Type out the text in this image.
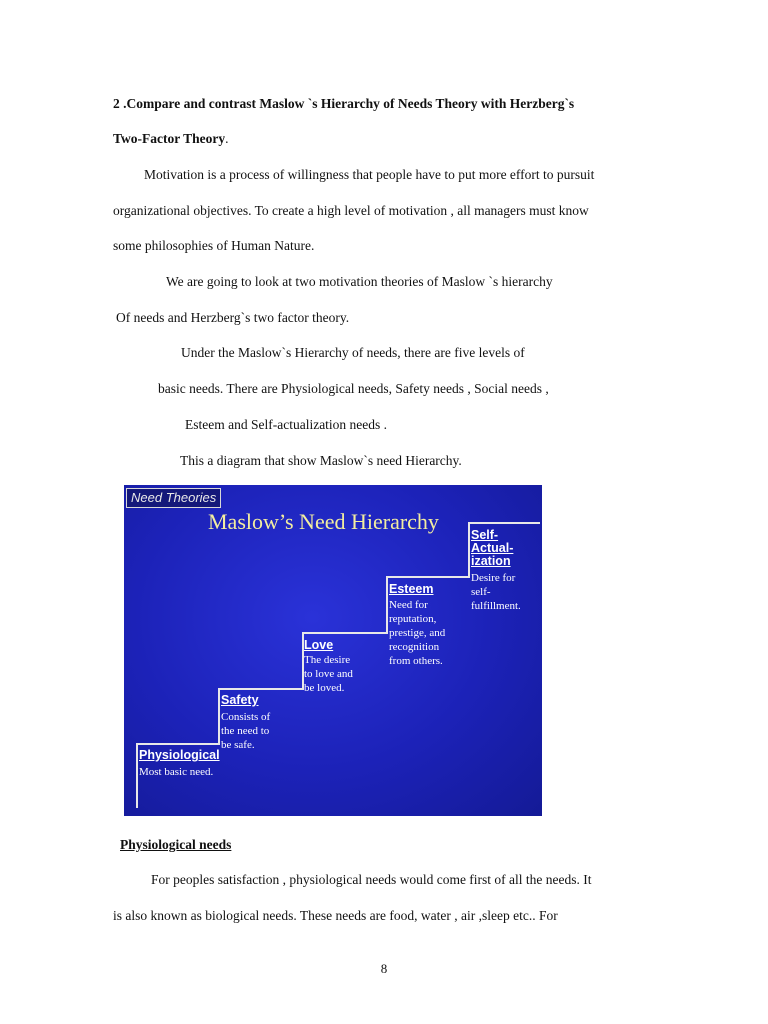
2 .Compare and contrast Maslow `s Hierarchy of Needs Theory with Herzberg`s
Two-Factor Theory.
Motivation is a process of willingness that people have to put more effort to pursuit
organizational objectives. To create a high level of motivation , all managers must know
some philosophies of Human Nature.
We are going to look at two motivation theories of Maslow `s hierarchy
Of needs and Herzberg`s two factor theory.
Under the Maslow`s Hierarchy of needs, there are five levels of
basic needs. There are Physiological needs, Safety needs , Social needs ,
Esteem and Self-actualization needs .
This a diagram that show Maslow`s need Hierarchy.
Need Theories
Maslow’s Need Hierarchy
Physiological
Most basic need.
Safety
Consists of
the need to
be safe.
Love
The desire
to love and
be loved.
Esteem
Need for
reputation,
prestige, and
recognition
from others.
Self-
Actual-
ization
Desire for
self-
fulfillment.
Physiological needs
For peoples satisfaction , physiological needs would come first of all the needs. It
is also known as biological needs. These needs are food, water , air ,sleep etc.. For
8
